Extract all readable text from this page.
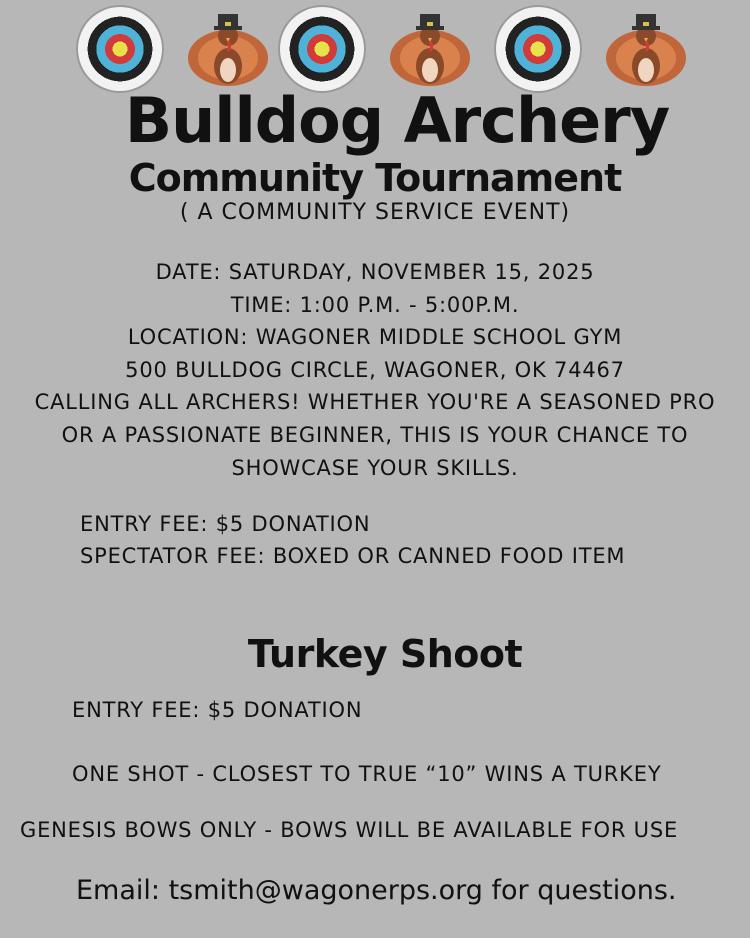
Bulldog Archery
Community Tournament
( A COMMUNITY SERVICE EVENT)
DATE: SATURDAY, NOVEMBER 15, 2025
TIME: 1:00 P.M. - 5:00P.M.
LOCATION: WAGONER MIDDLE SCHOOL GYM
500 BULLDOG CIRCLE, WAGONER, OK 74467
CALLING ALL ARCHERS! WHETHER YOU'RE A SEASONED PRO
OR A PASSIONATE BEGINNER, THIS IS YOUR CHANCE TO
SHOWCASE YOUR SKILLS.
ENTRY FEE: $5 DONATION
SPECTATOR FEE: BOXED OR CANNED FOOD ITEM
Turkey Shoot
ENTRY FEE: $5 DONATION
ONE SHOT - CLOSEST TO TRUE “10” WINS A TURKEY
GENESIS BOWS ONLY - BOWS WILL BE AVAILABLE FOR USE
Email: tsmith@wagonerps.org for questions.
